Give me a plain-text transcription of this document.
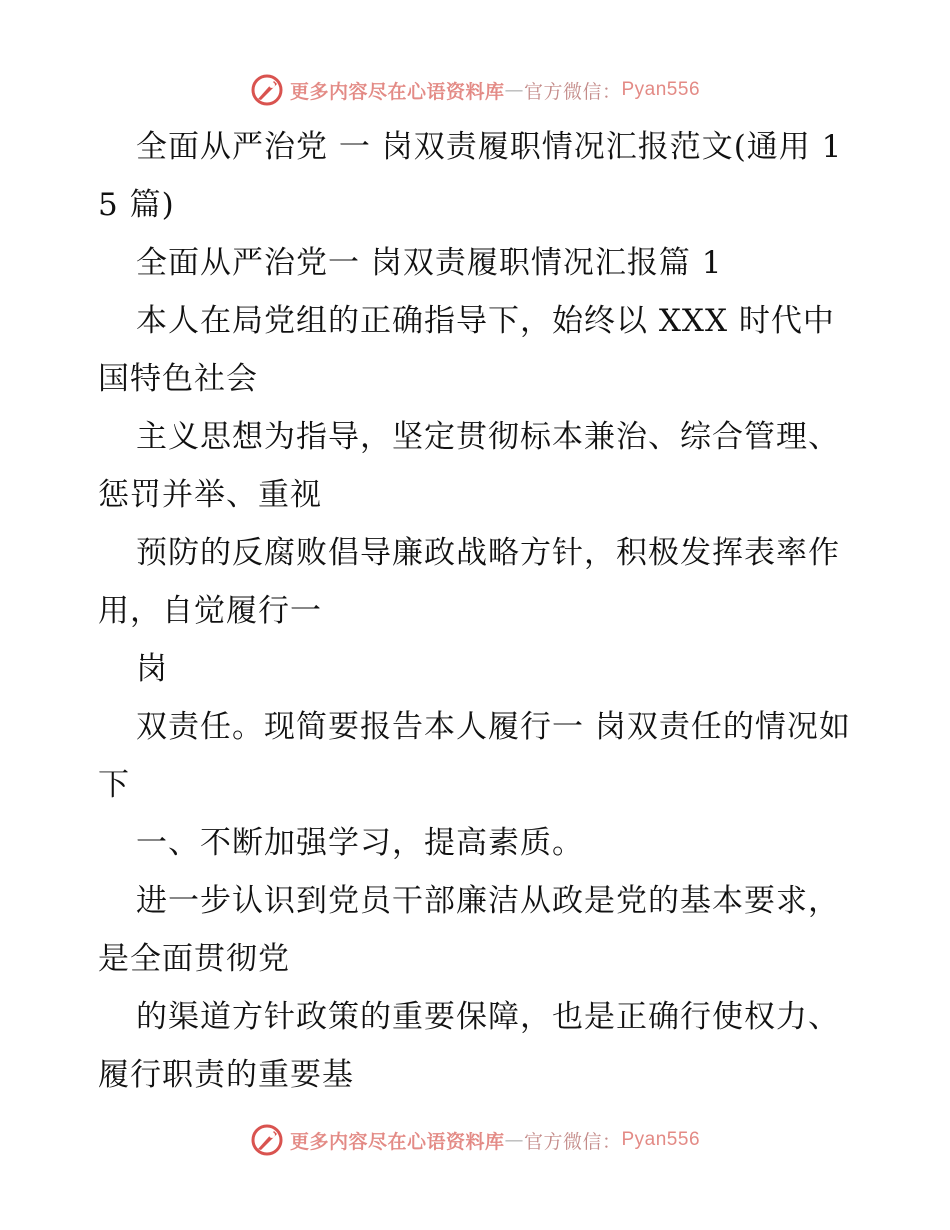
更多内容尽在心语资料库 — 官方微信： Pyan556

全面从严治党 一 岗双责履职情况汇报范文(通用 15 篇)

全面从严治党一 岗双责履职情况汇报篇 1

本人在局党组的正确指导下，始终以 XXX 时代中国特色社会

主义思想为指导，坚定贯彻标本兼治、综合管理、惩罚并举、重视

预防的反腐败倡导廉政战略方针，积极发挥表率作用，自觉履行一

岗

双责任。现简要报告本人履行一 岗双责任的情况如下

一、不断加强学习，提高素质。

进一步认识到党员干部廉洁从政是党的基本要求，是全面贯彻党

的渠道方针政策的重要保障，也是正确行使权力、履行职责的重要基

更多内容尽在心语资料库 — 官方微信： Pyan556
